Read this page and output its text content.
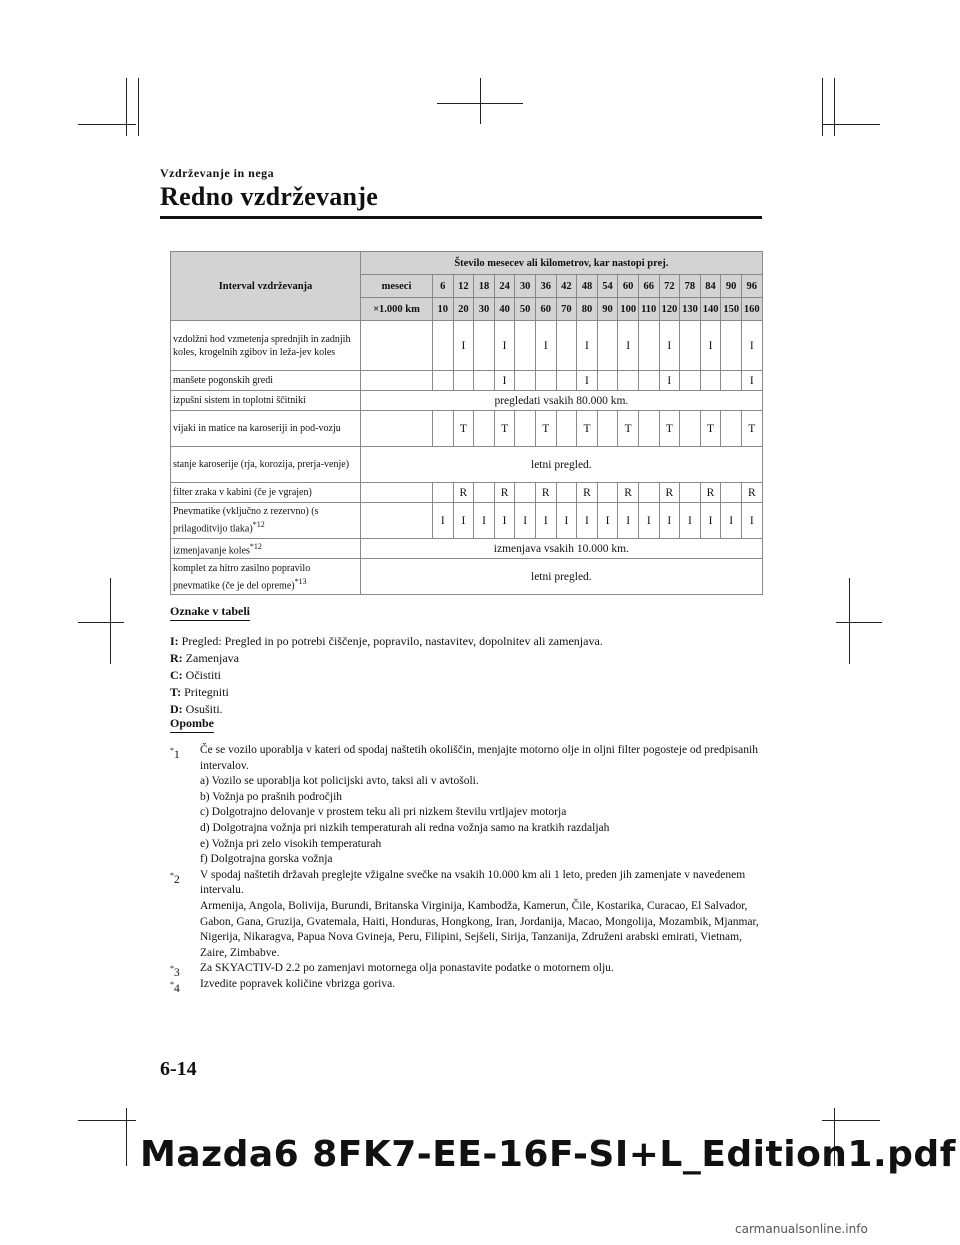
Vzdrževanje in nega
Redno vzdrževanje
Interval vzdrževanja	Število mesecev ali kilometrov, kar nastopi prej.																
	meseci	6	12	18	24	30	36	42	48	54	60	66	72	78	84	90	96
	×1.000 km	10	20	30	40	50	60	70	80	90	100	110	120	130	140	150	160
vzdolžni hod vzmetenja sprednjih in zadnjih koles, krogelnih zgibov in leža-jev koles			I		I		I		I		I		I		I		I
manšete pogonskih gredi					I				I				I				I
izpušni sistem in toplotni ščitniki	pregledati vsakih 80.000 km.																
vijaki in matice na karoseriji in pod-vozju			T		T		T		T		T		T		T		T
stanje karoserije (rja, korozija, prerja-venje)	letni pregled.																
filter zraka v kabini (če je vgrajen)			R		R		R		R		R		R		R		R
Pnevmatike (vključno z rezervno) (s prilagoditvijo tlaka)$^{*12}$		I	I	I	I	I	I	I	I	I	I	I	I	I	I	I	I
izmenjavanje koles$^{*12}$	izmenjava vsakih 10.000 km.																
komplet za hitro zasilno popravilo pnevmatike (če je del opreme)$^{*13}$	letni pregled.																
Oznake v tabeli
I: Pregled: Pregled in po potrebi čiščenje, popravilo, nastavitev, dopolnitev ali zamenjava.
R: Zamenjava
C: Očistiti
T: Pritegniti
D: Osušiti.
Opombe
*1 Če se vozilo uporablja v kateri od spodaj naštetih okoliščin, menjajte motorno olje in oljni filter pogosteje od predpisanih intervalov.
a) Vozilo se uporablja kot policijski avto, taksi ali v avtošoli.
b) Vožnja po prašnih področjih
c) Dolgotrajno delovanje v prostem teku ali pri nizkem številu vrtljajev motorja
d) Dolgotrajna vožnja pri nizkih temperaturah ali redna vožnja samo na kratkih razdaljah
e) Vožnja pri zelo visokih temperaturah
f) Dolgotrajna gorska vožnja
*2 V spodaj naštetih državah preglejte vžigalne svečke na vsakih 10.000 km ali 1 leto, preden jih zamenjate v navedenem intervalu.
Armenija, Angola, Bolivija, Burundi, Britanska Virginija, Kambodža, Kamerun, Čile, Kostarika, Curacao, El Salvador, Gabon, Gana, Gruzija, Gvatemala, Haiti, Honduras, Hongkong, Iran, Jordanija, Macao, Mongolija, Mozambik, Mjanmar, Nigerija, Nikaragva, Papua Nova Gvineja, Peru, Filipini, Sejšeli, Sirija, Tanzanija, Združeni arabski emirati, Vietnam, Zaire, Zimbabve.
*3 Za SKYACTIV-D 2.2 po zamenjavi motornega olja ponastavite podatke o motornem olju.
*4 Izvedite popravek količine vbrizga goriva.
6-14
Mazda6 8FK7-EE-16F-SI+L_Edition1.pdf
carmanualsonline.info
